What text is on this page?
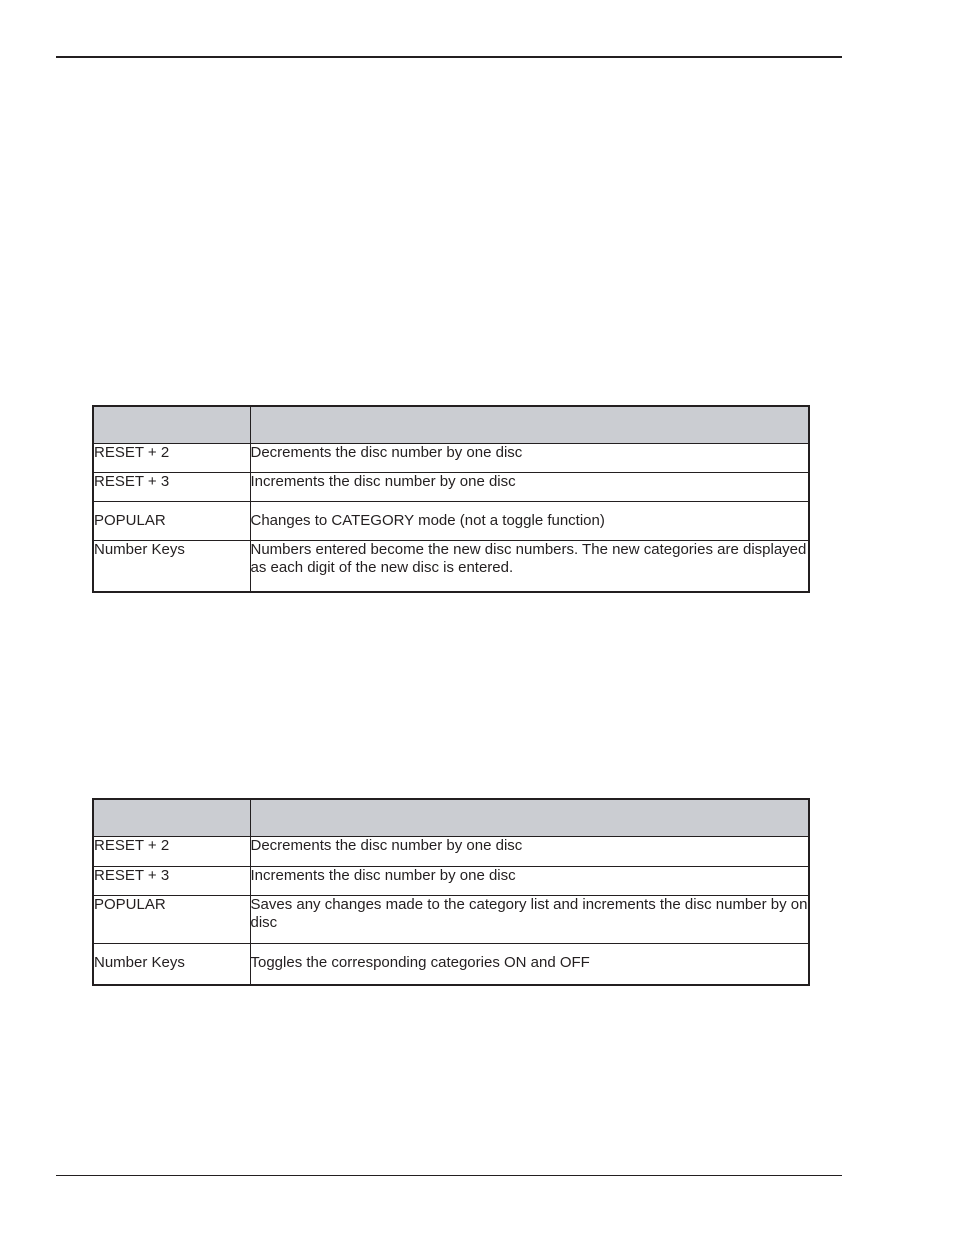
RESET + 2	Decrements the disc number by one disc
RESET + 3	Increments the disc number by one disc
POPULAR	Changes to CATEGORY mode (not a toggle function)
Number Keys	Numbers entered become the new disc numbers. The new categories are displayed as each digit of the new disc is entered.

RESET + 2	Decrements the disc number by one disc
RESET + 3	Increments the disc number by one disc
POPULAR	Saves any changes made to the category list and increments the disc number by on disc
Number Keys	Toggles the corresponding categories ON and OFF
